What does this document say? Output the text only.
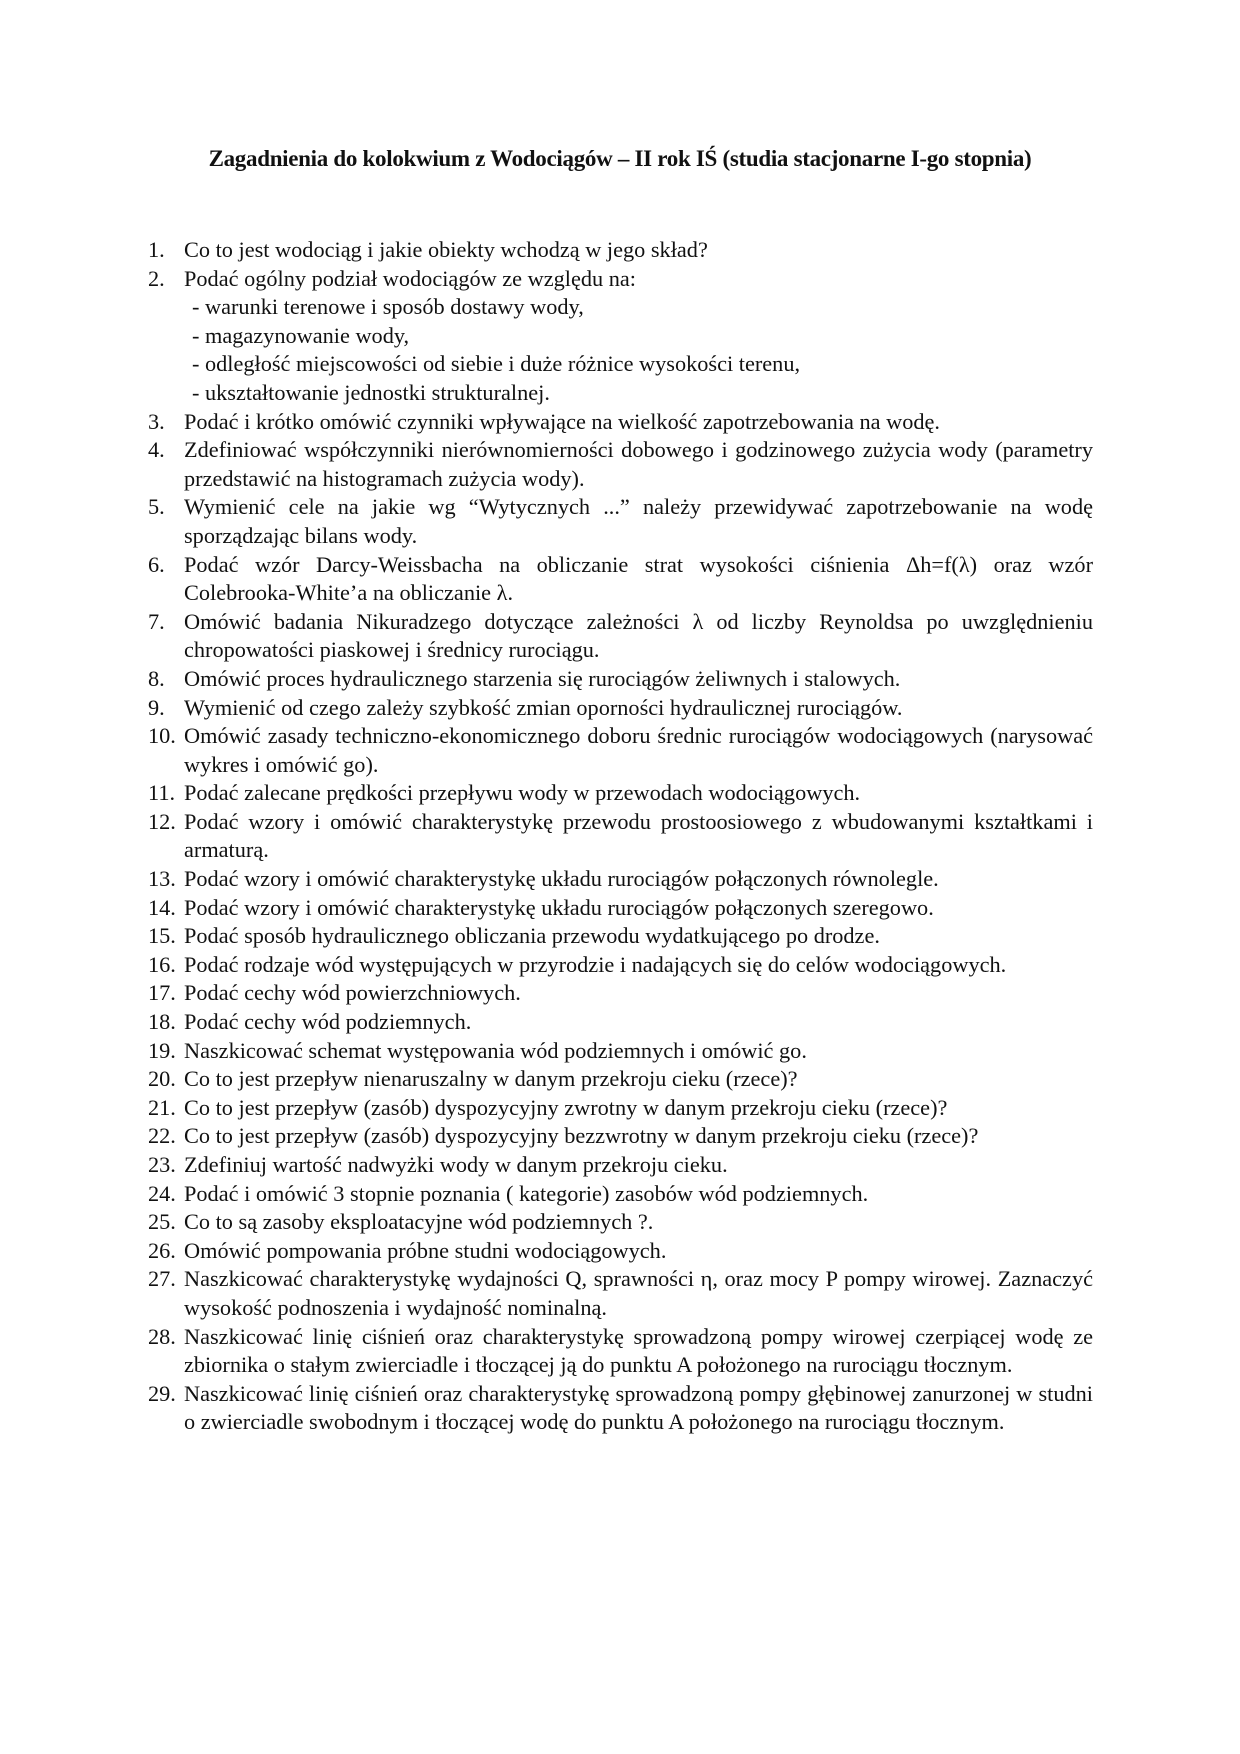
Zagadnienia do kolokwium z Wodociągów – II rok IŚ (studia stacjonarne I-go stopnia)
1. Co to jest wodociąg i jakie obiekty wchodzą w jego skład?
2. Podać ogólny podział wodociągów ze względu na:
- warunki terenowe i sposób dostawy wody,
- magazynowanie wody,
- odległość miejscowości od siebie i duże różnice wysokości terenu,
- ukształtowanie jednostki strukturalnej.
3. Podać i krótko omówić czynniki wpływające na wielkość zapotrzebowania na wodę.
4. Zdefiniować współczynniki nierównomierności dobowego i godzinowego zużycia wody (parametry przedstawić na histogramach zużycia wody).
5. Wymienić cele na jakie wg “Wytycznych ...” należy przewidywać zapotrzebowanie na wodę sporządzając bilans wody.
6. Podać wzór Darcy-Weissbacha na obliczanie strat wysokości ciśnienia Δh=f(λ) oraz wzór Colebrooka-White’a na obliczanie λ.
7. Omówić badania Nikuradzego dotyczące zależności λ od liczby Reynoldsa po uwzględnieniu chropowatości piaskowej i średnicy rurociągu.
8. Omówić proces hydraulicznego starzenia się rurociągów żeliwnych i stalowych.
9. Wymienić od czego zależy szybkość zmian oporności hydraulicznej rurociągów.
10. Omówić zasady techniczno-ekonomicznego doboru średnic rurociągów wodociągowych (narysować wykres i omówić go).
11. Podać zalecane prędkości przepływu wody w przewodach wodociągowych.
12. Podać wzory i omówić charakterystykę przewodu prostoosiowego z wbudowanymi kształtkami i armaturą.
13. Podać wzory i omówić charakterystykę układu rurociągów połączonych równolegle.
14. Podać wzory i omówić charakterystykę układu rurociągów połączonych szeregowo.
15. Podać sposób hydraulicznego obliczania przewodu wydatkującego po drodze.
16. Podać rodzaje wód występujących w przyrodzie i nadających się do celów wodociągowych.
17. Podać cechy wód powierzchniowych.
18. Podać cechy wód podziemnych.
19. Naszkicować schemat występowania wód podziemnych i omówić go.
20. Co to jest przepływ nienaruszalny w danym przekroju cieku (rzece)?
21. Co to jest przepływ (zasób) dyspozycyjny zwrotny w danym przekroju cieku (rzece)?
22. Co to jest przepływ (zasób) dyspozycyjny bezzwrotny w danym przekroju cieku (rzece)?
23. Zdefiniuj wartość nadwyżki wody w danym przekroju cieku.
24. Podać i omówić 3 stopnie poznania ( kategorie) zasobów wód podziemnych.
25. Co to są zasoby eksploatacyjne wód podziemnych ?.
26. Omówić pompowania próbne studni wodociągowych.
27. Naszkicować charakterystykę wydajności Q, sprawności η, oraz mocy P pompy wirowej. Zaznaczyć wysokość podnoszenia i wydajność nominalną.
28. Naszkicować linię ciśnień oraz charakterystykę sprowadzoną pompy wirowej czerpiącej wodę ze zbiornika o stałym zwierciadle i tłoczącej ją do punktu A położonego na rurociągu tłocznym.
29. Naszkicować linię ciśnień oraz charakterystykę sprowadzoną pompy głębinowej zanurzonej w studni o zwierciadle swobodnym i tłoczącej wodę do punktu A położonego na rurociągu tłocznym.
